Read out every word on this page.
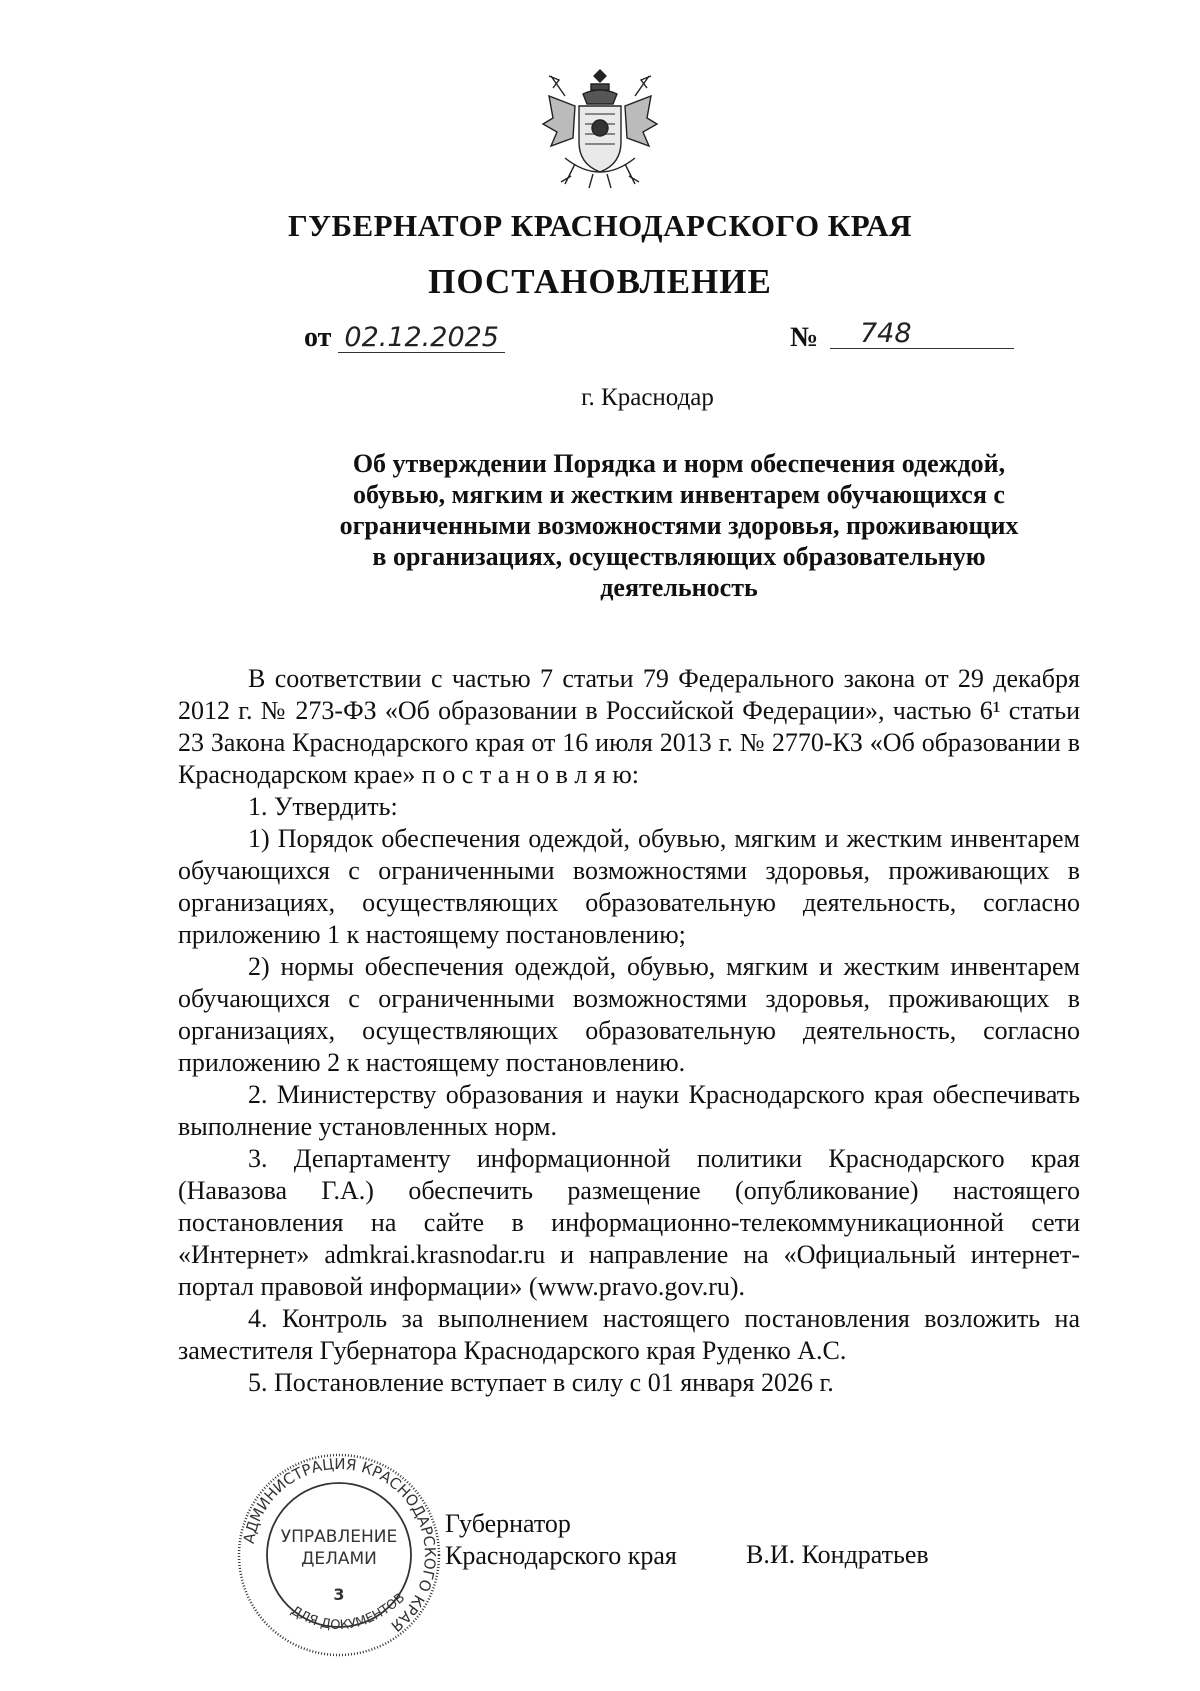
ГУБЕРНАТОР КРАСНОДАРСКОГО КРАЯ
ПОСТАНОВЛЕНИЕ
от 02.12.2025	№	748
г. Краснодар
Об утверждении Порядка и норм обеспечения одеждой, обувью, мягким и жестким инвентарем обучающихся с ограниченными возможностями здоровья, проживающих в организациях, осуществляющих образовательную деятельность

В соответствии с частью 7 статьи 79 Федерального закона от 29 декабря 2012 г. № 273-ФЗ «Об образовании в Российской Федерации», частью 6¹ статьи 23 Закона Краснодарского края от 16 июля 2013 г. № 2770-КЗ «Об образовании в Краснодарском крае» п о с т а н о в л я ю:

1. Утвердить:

1) Порядок обеспечения одеждой, обувью, мягким и жестким инвентарем обучающихся с ограниченными возможностями здоровья, проживающих в организациях, осуществляющих образовательную деятельность, согласно приложению 1 к настоящему постановлению;

2) нормы обеспечения одеждой, обувью, мягким и жестким инвентарем обучающихся с ограниченными возможностями здоровья, проживающих в организациях, осуществляющих образовательную деятельность, согласно приложению 2 к настоящему постановлению.

2. Министерству образования и науки Краснодарского края обеспечивать выполнение установленных норм.

3. Департаменту информационной политики Краснодарского края (Навазова Г.А.) обеспечить размещение (опубликование) настоящего постановления на сайте в информационно-телекоммуникационной сети «Интернет» admkrai.krasnodar.ru и направление на «Официальный интернет-портал правовой информации» (www.pravo.gov.ru).

4. Контроль за выполнением настоящего постановления возложить на заместителя Губернатора Краснодарского края Руденко А.С.

5. Постановление вступает в силу с 01 января 2026 г.

АДМИНИСТРАЦИЯ КРАСНОДАРСКОГО КРАЯ
УПРАВЛЕНИЕ
ДЕЛАМИ
3
ДЛЯ ДОКУМЕНТОВ
Губернатор
Краснодарского края	В.И. Кондратьев
